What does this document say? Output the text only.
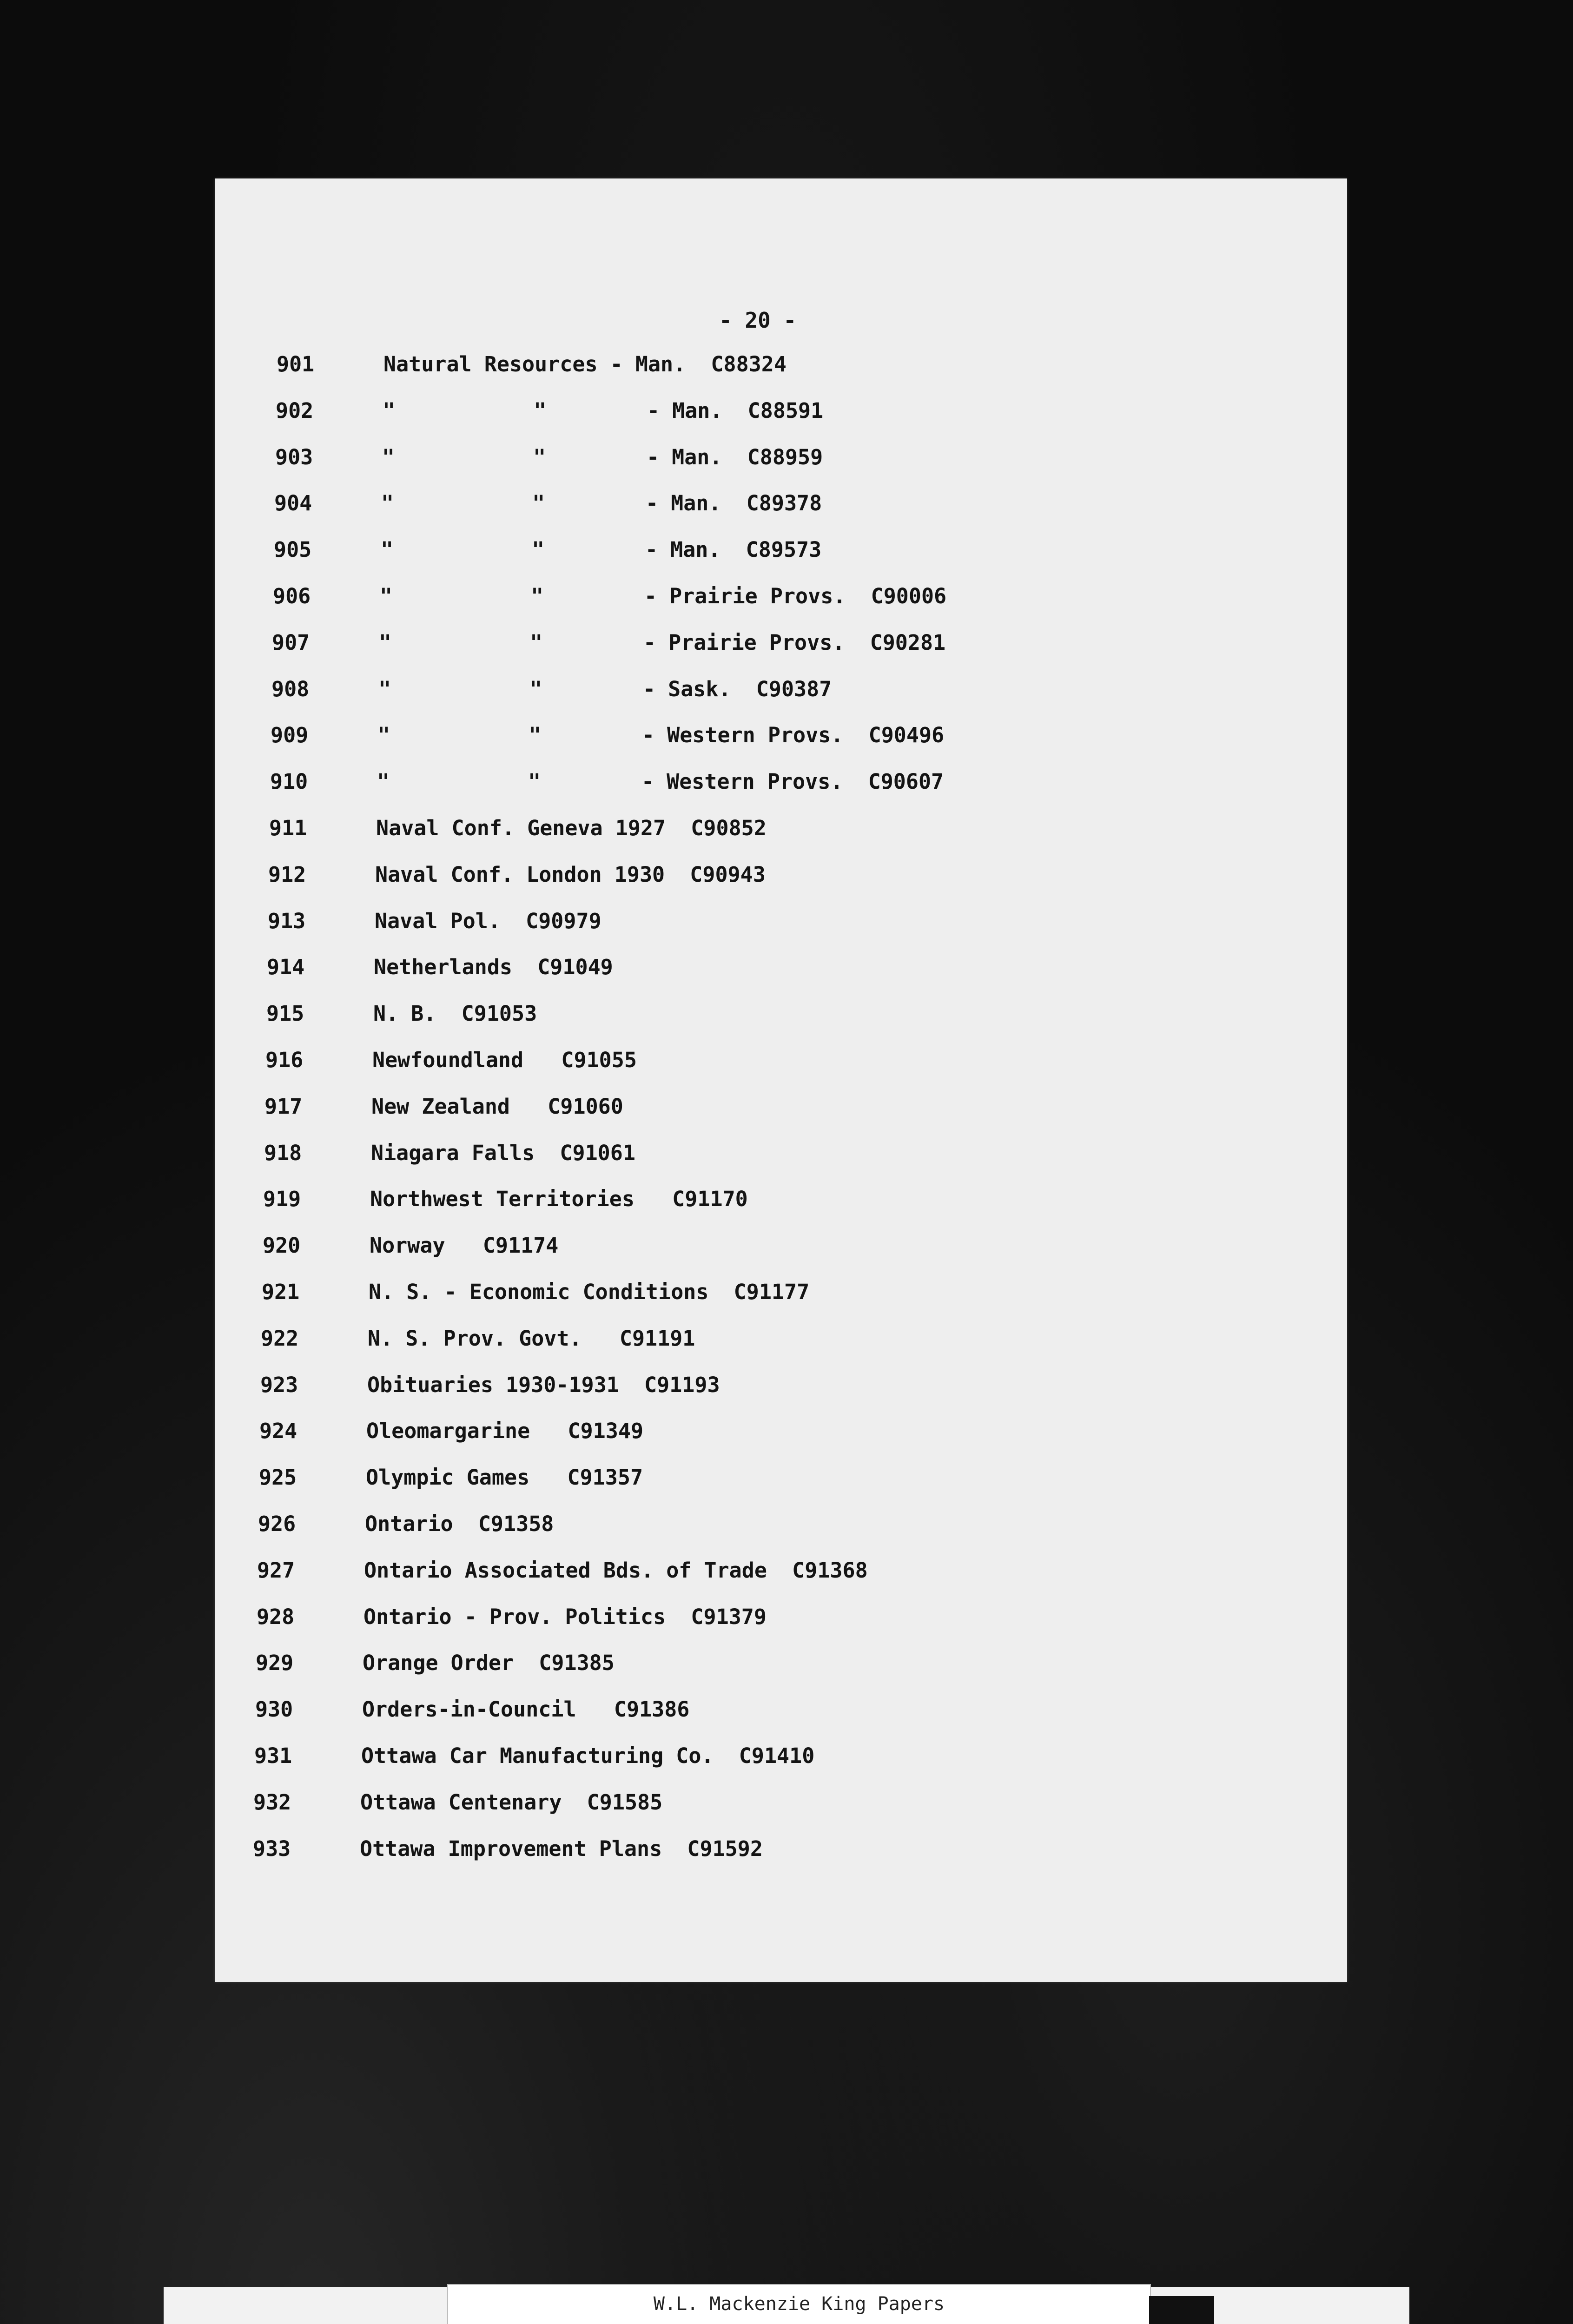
- 20 -
901	Natural Resources - Man.  C88324
902	"           "        - Man.  C88591
903	"           "        - Man.  C88959
904	"           "        - Man.  C89378
905	"           "        - Man.  C89573
906	"           "        - Prairie Provs.  C90006
907	"           "        - Prairie Provs.  C90281
908	"           "        - Sask.  C90387
909	"           "        - Western Provs.  C90496
910	"           "        - Western Provs.  C90607
911	Naval Conf. Geneva 1927  C90852
912	Naval Conf. London 1930  C90943
913	Naval Pol.  C90979
914	Netherlands  C91049
915	N. B.  C91053
916	Newfoundland   C91055
917	New Zealand   C91060
918	Niagara Falls  C91061
919	Northwest Territories   C91170
920	Norway   C91174
921	N. S. - Economic Conditions  C91177
922	N. S. Prov. Govt.   C91191
923	Obituaries 1930-1931  C91193
924	Oleomargarine   C91349
925	Olympic Games   C91357
926	Ontario  C91358
927	Ontario Associated Bds. of Trade  C91368
928	Ontario - Prov. Politics  C91379
929	Orange Order  C91385
930	Orders-in-Council   C91386
931	Ottawa Car Manufacturing Co.  C91410
932	Ottawa Centenary  C91585
933	Ottawa Improvement Plans  C91592
W.L. Mackenzie King Papers
